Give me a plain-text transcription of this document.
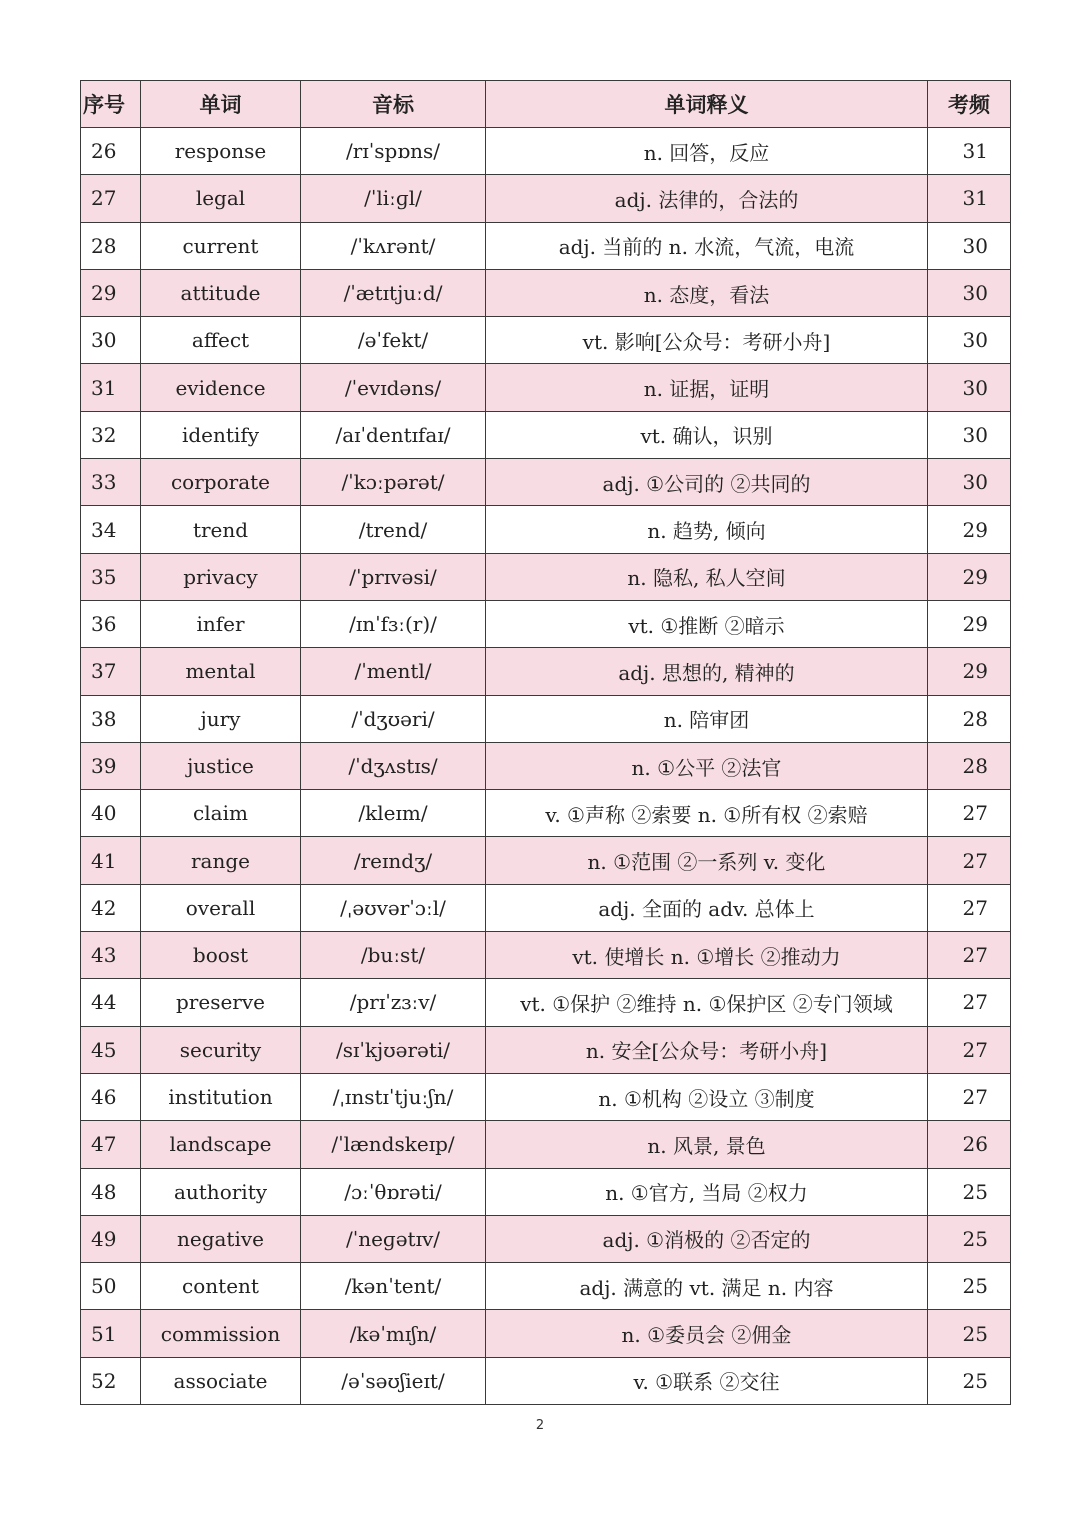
序号	单词	音标	单词释义	考频
26	response	/rɪˈspɒns/	n. 回答，反应	31
27	legal	/ˈliːɡl/	adj. 法律的，合法的	31
28	current	/ˈkʌrənt/	adj. 当前的 n. 水流，气流，电流	30
29	attitude	/ˈætɪtjuːd/	n. 态度，看法	30
30	affect	/əˈfekt/	vt. 影响[公众号：考研小舟]	30
31	evidence	/ˈevɪdəns/	n. 证据，证明	30
32	identify	/aɪˈdentɪfaɪ/	vt. 确认，识别	30
33	corporate	/ˈkɔːpərət/	adj. ①公司的 ②共同的	30
34	trend	/trend/	n. 趋势, 倾向	29
35	privacy	/ˈprɪvəsi/	n. 隐私, 私人空间	29
36	infer	/ɪnˈfɜː(r)/	vt. ①推断 ②暗示	29
37	mental	/ˈmentl/	adj. 思想的, 精神的	29
38	jury	/ˈdʒʊəri/	n. 陪审团	28
39	justice	/ˈdʒʌstɪs/	n. ①公平 ②法官	28
40	claim	/kleɪm/	v. ①声称 ②索要 n. ①所有权 ②索赔	27
41	range	/reɪndʒ/	n. ①范围 ②一系列 v. 变化	27
42	overall	/ˌəʊvərˈɔːl/	adj. 全面的 adv. 总体上	27
43	boost	/buːst/	vt. 使增长 n. ①增长 ②推动力	27
44	preserve	/prɪˈzɜːv/	vt. ①保护 ②维持 n. ①保护区 ②专门领域	27
45	security	/sɪˈkjʊərəti/	n. 安全[公众号：考研小舟]	27
46	institution	/ˌɪnstɪˈtjuːʃn/	n. ①机构 ②设立 ③制度	27
47	landscape	/ˈlændskeɪp/	n. 风景, 景色	26
48	authority	/ɔːˈθɒrəti/	n. ①官方, 当局 ②权力	25
49	negative	/ˈneɡətɪv/	adj. ①消极的 ②否定的	25
50	content	/kənˈtent/	adj. 满意的 vt. 满足 n. 内容	25
51	commission	/kəˈmɪʃn/	n. ①委员会 ②佣金	25
52	associate	/əˈsəʊʃieɪt/	v. ①联系 ②交往	25
2
